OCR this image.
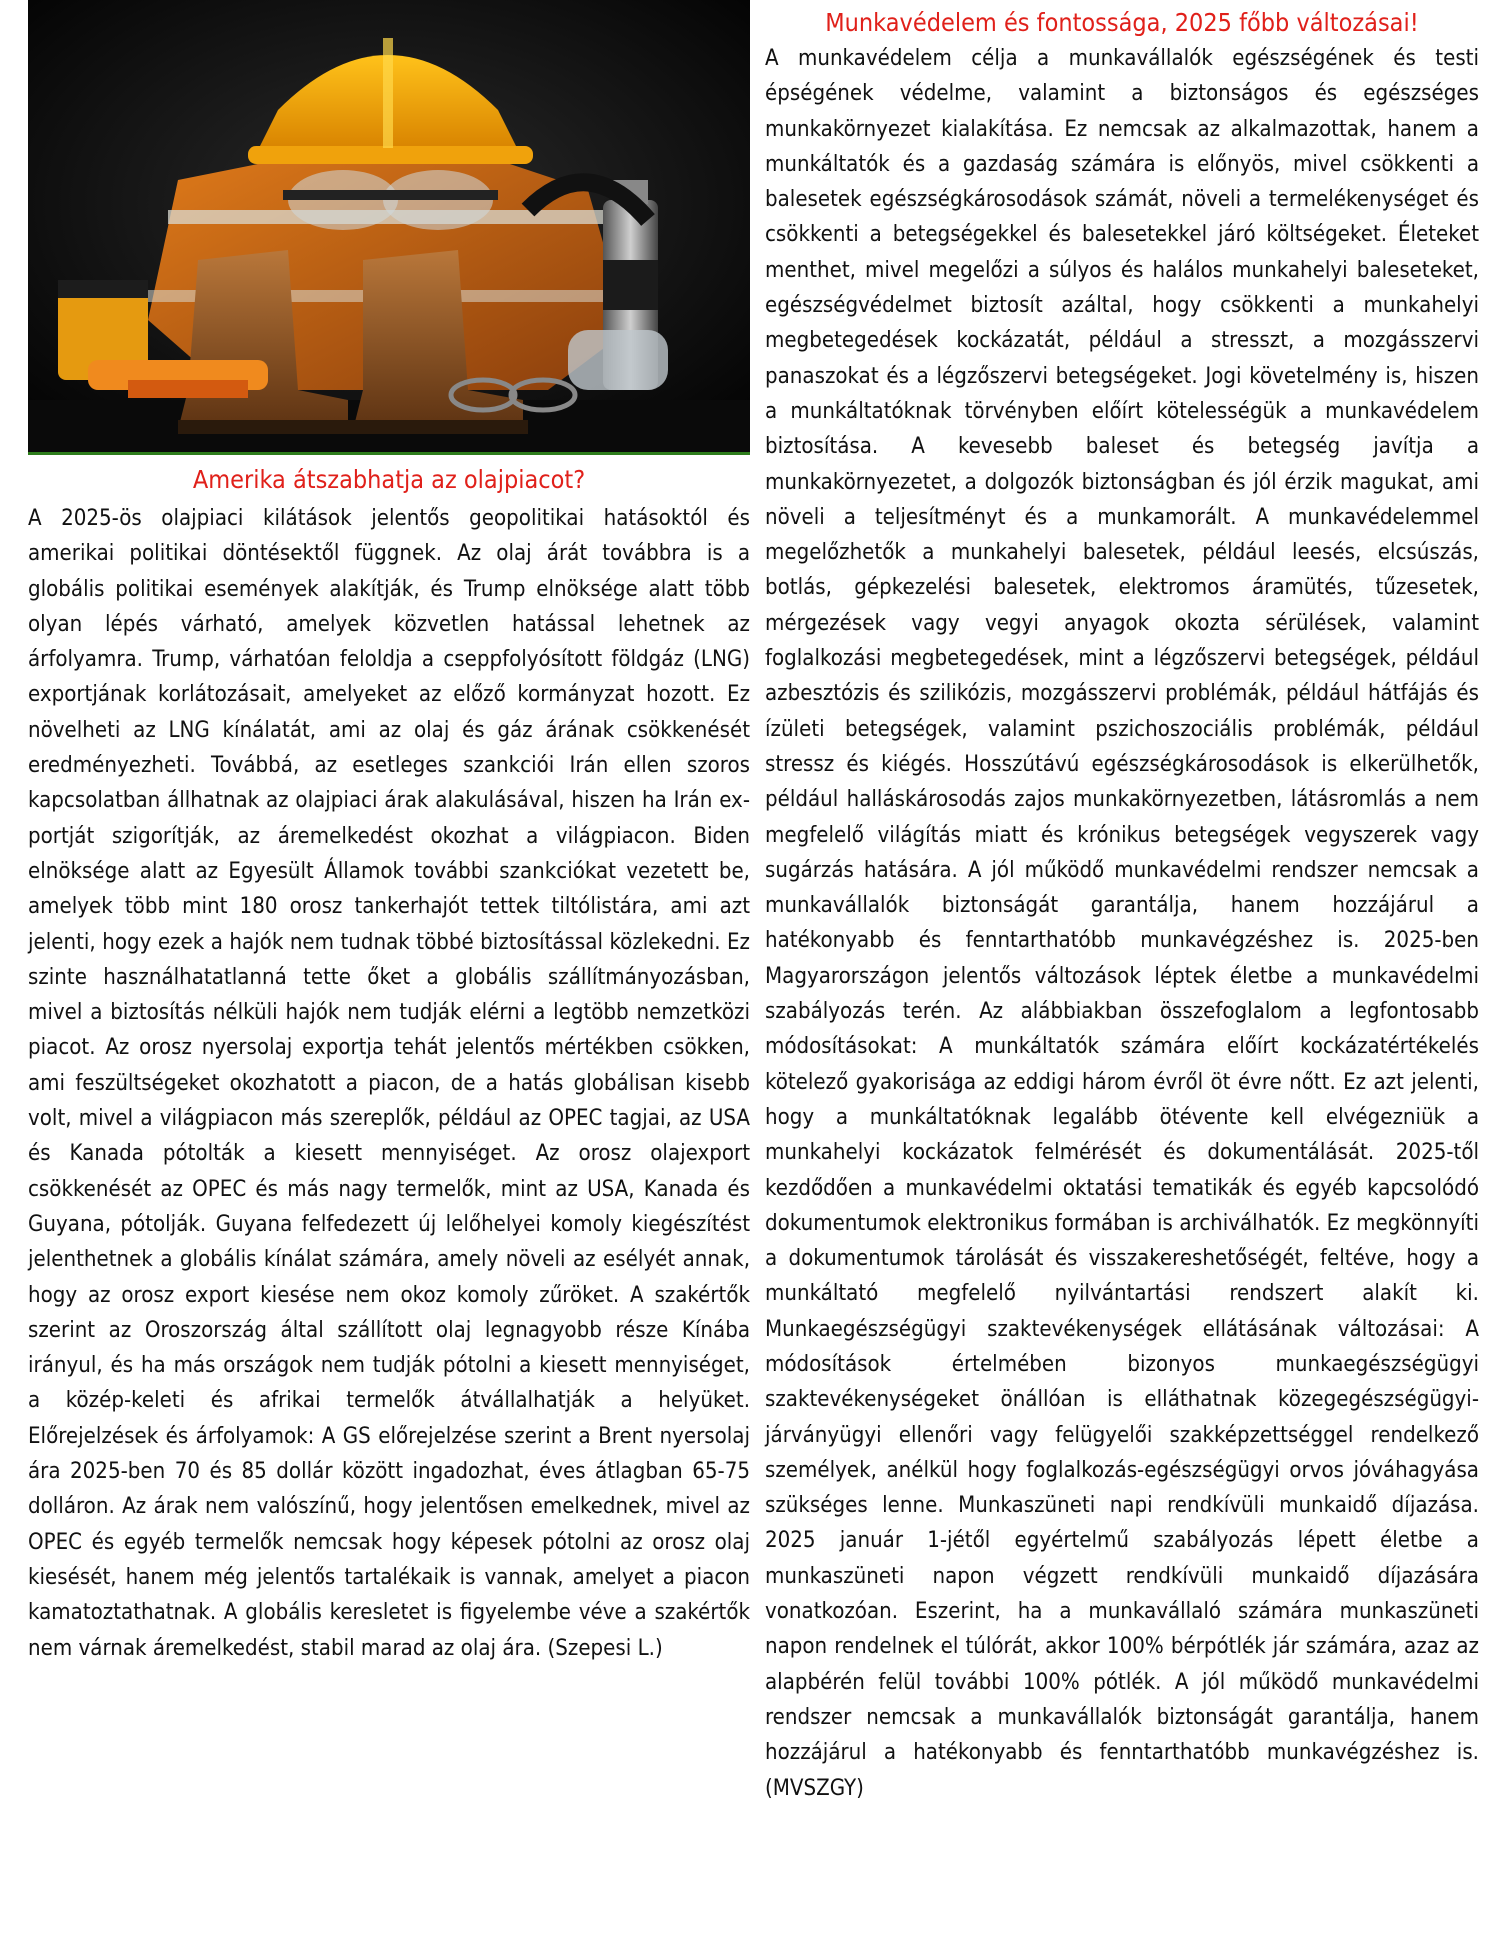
Amerika átszabhatja az olajpiacot?

A 2025-ös olajpiaci kilátások jelentős geopolitikai hatásoktól és amerikai politikai döntésektől függnek. Az olaj árát továbbra is a globális politikai események alakítják, és Trump elnöksége alatt több olyan lépés várható, amelyek közvetlen hatással lehetnek az árfolyamra. Trump, várhatóan feloldja a cseppfolyósított földgáz (LNG) exportjának korlátozásait, amelyeket az előző kormányzat hozott. Ez növelheti az LNG kínálatát, ami az olaj és gáz árának csökkenését eredményezheti. Továbbá, az esetleges szankciói Irán ellen szoros kapcsolatban állhatnak az olajpiaci árak alakulásával, hiszen ha Irán exportját szigorítják, az áremelkedést okozhat a világpiacon. Biden elnöksége alatt az Egyesült Államok további szankciókat vezetett be, amelyek több mint 180 orosz tankerhajót tettek tiltólistára, ami azt jelenti, hogy ezek a hajók nem tudnak többé biztosítással közlekedni. Ez szinte használhatatlanná tette őket a globális szállítmányozásban, mivel a biztosítás nélküli hajók nem tudják elérni a legtöbb nemzetközi piacot. Az orosz nyersolaj exportja tehát jelentős mértékben csökken, ami feszültségeket okozhatott a piacon, de a hatás globálisan kisebb volt, mivel a világpiacon más szereplők, például az OPEC tagjai, az USA és Kanada pótolták a kiesett mennyiséget. Az orosz olajexport csökkenését az OPEC és más nagy termelők, mint az USA, Kanada és Guyana, pótolják. Guyana felfedezett új lelőhelyei komoly kiegészítést jelenthetnek a globális kínálat számára, amely növeli az esélyét annak, hogy az orosz export kiesése nem okoz komoly zűröket. A szakértők szerint az Oroszország által szállított olaj legnagyobb része Kínába irányul, és ha más országok nem tudják pótolni a kiesett mennyiséget, a közép-keleti és afrikai termelők átvállalhatják a helyüket. Előrejelzések és árfolyamok: A GS előrejelzése szerint a Brent nyersolaj ára 2025-ben 70 és 85 dollár között ingadozhat, éves átlagban 65-75 dolláron. Az árak nem valószínű, hogy jelentősen emelkednek, mivel az OPEC és egyéb termelők nemcsak hogy képesek pótolni az orosz olaj kiesését, hanem még jelentős tartalékaik is vannak, amelyet a piacon kamatoztathatnak. A globális keresletet is figyelembe véve a szakértők nem várnak áremelkedést, stabil marad az olaj ára. (Szepesi L.)

Munkavédelem és fontossága, 2025 főbb változásai!

A munkavédelem célja a munkavállalók egészségének és testi épségének védelme, valamint a biztonságos és egészséges munkakörnyezet kialakítása. Ez nemcsak az alkalmazottak, hanem a munkáltatók és a gazdaság számára is előnyös, mivel csökkenti a balesetek egészségkárosodások számát, növeli a termelékenységet és csökkenti a betegségekkel és balesetekkel járó költségeket. Életeket menthet, mivel megelőzi a súlyos és halálos munkahelyi baleseteket, egészségvédelmet biztosít azáltal, hogy csökkenti a munkahelyi megbetegedések kockázatát, például a stresszt, a mozgásszervi panaszokat és a légzőszervi betegségeket. Jogi követelmény is, hiszen a munkáltatóknak törvényben előírt kötelességük a munkavédelem biztosítása. A kevesebb baleset és betegség javítja a munkakörnyezetet, a dolgozók biztonságban és jól érzik magukat, ami növeli a teljesítményt és a munkamorált. A munkavédelemmel megelőzhetők a munkahelyi balesetek, például leesés, elcsúszás, botlás, gépkezelési balesetek, elektromos áramütés, tűzesetek, mérgezések vagy vegyi anyagok okozta sérülések, valamint foglalkozási megbetegedések, mint a légzőszervi betegségek, például azbesztózis és szilikózis, mozgásszervi problémák, például hátfájás és ízületi betegségek, valamint pszichoszociális problémák, például stressz és kiégés. Hosszútávú egészségkárosodások is elkerülhetők, például halláskárosodás zajos munkakörnyezetben, látásromlás a nem megfelelő világítás miatt és krónikus betegségek vegyszerek vagy sugárzás hatására. A jól működő munkavédelmi rendszer nemcsak a munkavállalók biztonságát garantálja, hanem hozzájárul a hatékonyabb és fenntarthatóbb munkavégzéshez is. 2025-ben Magyarországon jelentős változások léptek életbe a munkavédelmi szabályozás terén. Az alábbiakban összefoglalom a legfontosabb módosításokat: A munkáltatók számára előírt kockázatértékelés kötelező gyakorisága az eddigi három évről öt évre nőtt. Ez azt jelenti, hogy a munkáltatóknak legalább ötévente kell elvégezniük a munkahelyi kockázatok felmérését és dokumentálását. 2025-től kezdődően a munkavédelmi oktatási tematikák és egyéb kapcsolódó dokumentumok elektronikus formában is archiválhatók. Ez megkönnyíti a dokumentumok tárolását és visszakereshetőségét, feltéve, hogy a munkáltató megfelelő nyilvántartási rendszert alakít ki. Munkaegészségügyi szaktevékenységek ellátásának változásai: A módosítások értelmében bizonyos munkaegészségügyi szaktevékenységeket önállóan is elláthatnak közegegészségügyi-járványügyi ellenőri vagy felügyelői szakképzettséggel rendelkező személyek, anélkül hogy foglalkozás-egészségügyi orvos jóváhagyása szükséges lenne. Munkaszüneti napi rendkívüli munkaidő díjazása. 2025 január 1-jétől egyértelmű szabályozás lépett életbe a munkaszüneti napon végzett rendkívüli munkaidő díjazására vonatkozóan. Eszerint, ha a munkavállaló számára munkaszüneti napon rendelnek el túlórát, akkor 100% bérpótlék jár számára, azaz az alapbérén felül további 100% pótlék. A jól működő munkavédelmi rendszer nemcsak a munkavállalók biztonságát garantálja, hanem hozzájárul a hatékonyabb és fenntarthatóbb munkavégzéshez is. (MVSZGY)
